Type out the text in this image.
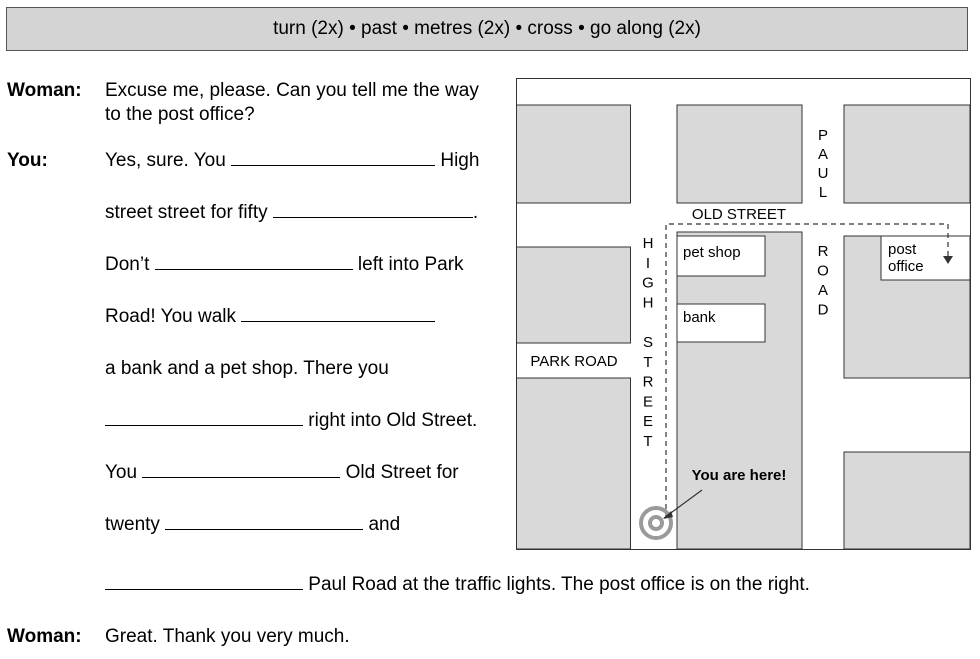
turn (2x) • past • metres (2x) • cross • go along (2x)
Woman: Excuse me, please. Can you tell me the way
to the post office?
You:	Yes, sure. You	High
street street for fifty	.
Don’t	left into Park
Road! You walk
a bank and a pet shop. There you
right into Old Street.
You	Old Street for
twenty	and
Paul Road at the traffic lights. The post office is on the right.
Woman: Great. Thank you very much.
pet shop
bank
post
office
OLD STREET
PARK ROAD
H
I
G
H
S
T
R
E
E
T
P
A
U
L
R
O
A
D
You are here!
